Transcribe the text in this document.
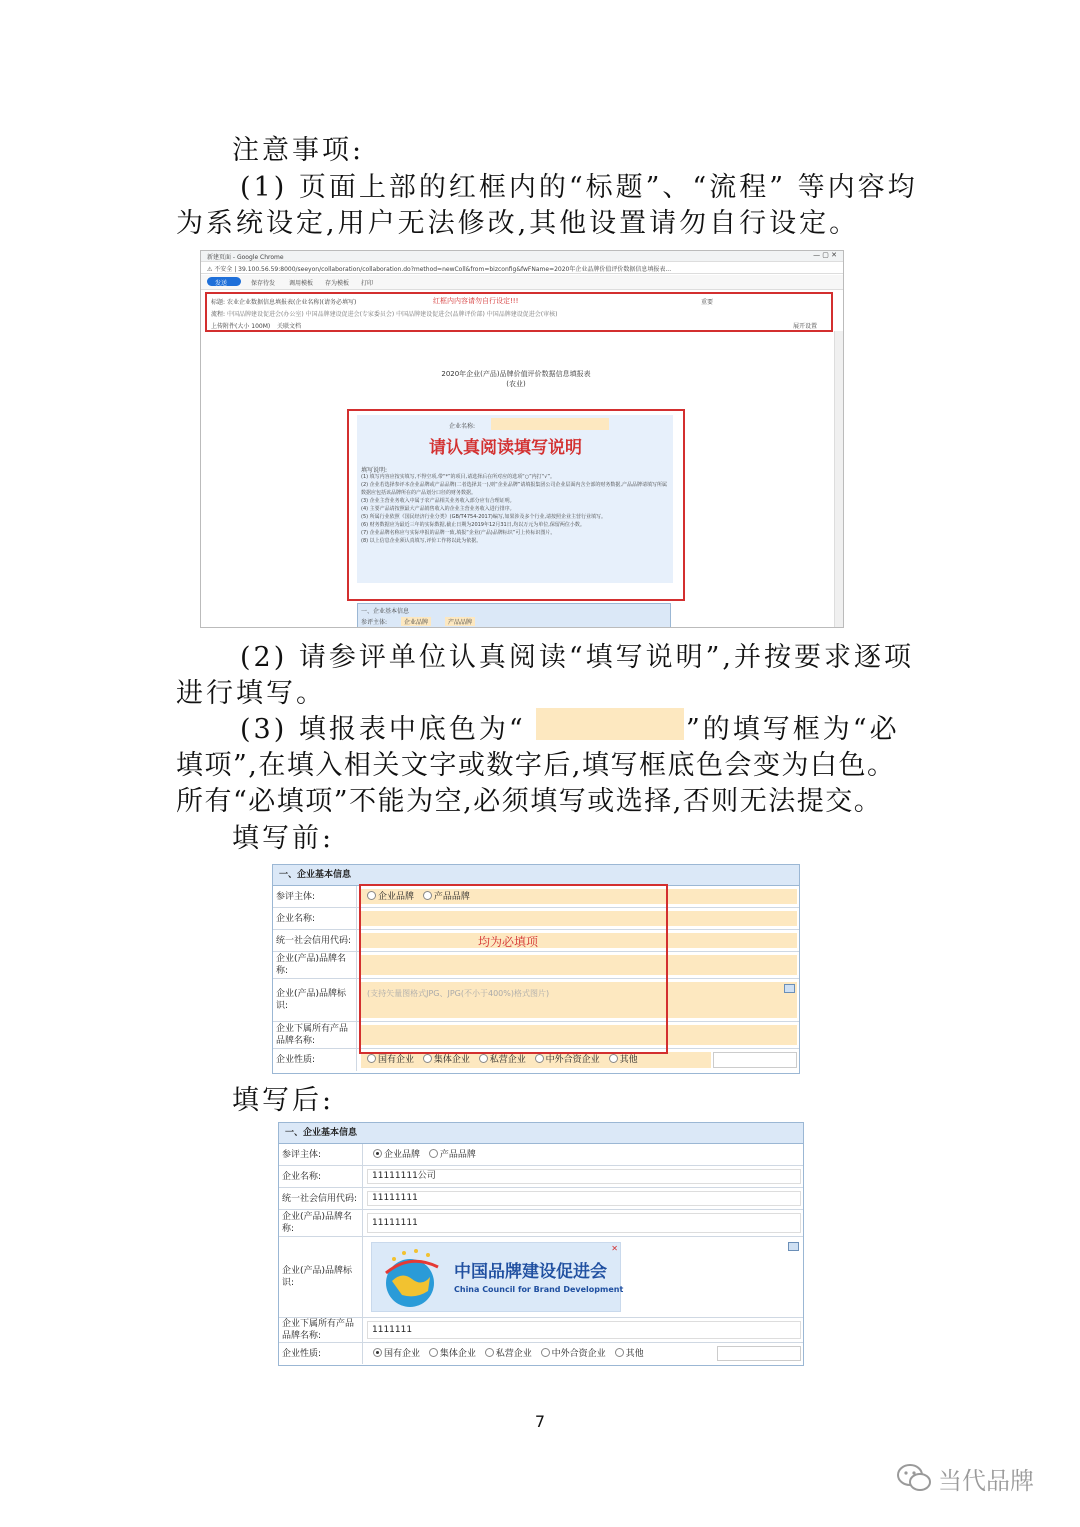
注意事项:
(1) 页面上部的红框内的“标题”、“流程” 等内容均
为系统设定,用户无法修改,其他设置请勿自行设定。
新建页面 - Google Chrome	— ▢ ✕
⚠ 不安全 | 39.100.56.59:8000/seeyon/collaboration/collaboration.do?method=newColl&from=bizconfig&fwFName=2020年企业品牌价值评价数据信息填报表...
发送	保存待发 调用模板 存为模板 打印
标题: 农业企业数据信息填报表(企业名称)(请务必填写)	红框内内容请勿自行设定!!!	重要
流程: 中国品牌建设促进会(办公室) 中国品牌建设促进会(专家委员会) 中国品牌建设促进会(品牌评价部) 中国品牌建设促进会(审核)
上传附件(大小 100M) 关联文档	展开设置
2020年企业(产品)品牌价值评价数据信息填报表
(农业)
企业名称:
请认真阅读填写说明
填写说明:
(1) 填写内容应按实填写,不得空项,带“*”的项目,请选择后在所对应的选项“○”内打“√”。
(2) 企业若选择参评本企业品牌或产品品牌(二者选择其一),则“企业品牌”请填报集团公司企业层面内含全部的财务数据,产品品牌请填写所属数据应包括该品牌所在的产品划分口径的财务数据。
(3) 企业主营业务收入中属于农产品相关业务收入部分应有合理证明。
(4) 主要产品请按照最大产品销售收入的企业主营业务收入进行排序。
(5) 所属行业依照《国民经济行业分类》(GB/T4754-2017)编写,如果涉及多个行业,请按照企业主营行业填写。
(6) 财务数据应为最近三年的实际数据,截止日期为2019年12月31日,均以万元为单位,保留两位小数。
(7) 企业品牌名称应与实际申报的品牌一致,填报“企业(产品)品牌标识”可上传标识图片。
(8) 以上信息企业须认真填写,评价工作将以此为依据。
一、企业基本信息
参评主体:	企业品牌	产品品牌
(2) 请参评单位认真阅读“填写说明”,并按要求逐项
进行填写。
(3) 填报表中底色为“	”的填写框为“必
填项”,在填入相关文字或数字后,填写框底色会变为白色。
所有“必填项”不能为空,必须填写或选择,否则无法提交。
填写前:
一、企业基本信息
参评主体:	企业品牌 产品品牌
企业名称:
统一社会信用代码:
企业(产品)品牌名称:
企业(产品)品牌标识:
(支持矢量图格式JPG、JPG(不小于400%)格式图片)
企业下属所有产品品牌名称:
企业性质:	国有企业 集体企业 私营企业 中外合资企业 其他
均为必填项
填写后:
一、企业基本信息
参评主体:	企业品牌 产品品牌
企业名称:	11111111公司
统一社会信用代码:	11111111
企业(产品)品牌名称:
11111111
企业(产品)品牌标识:
中国品牌建设促进会
China Council for Brand Development
✕
企业下属所有产品品牌名称:
1111111
企业性质:	国有企业 集体企业 私营企业 中外合资企业 其他
7
当代品牌
